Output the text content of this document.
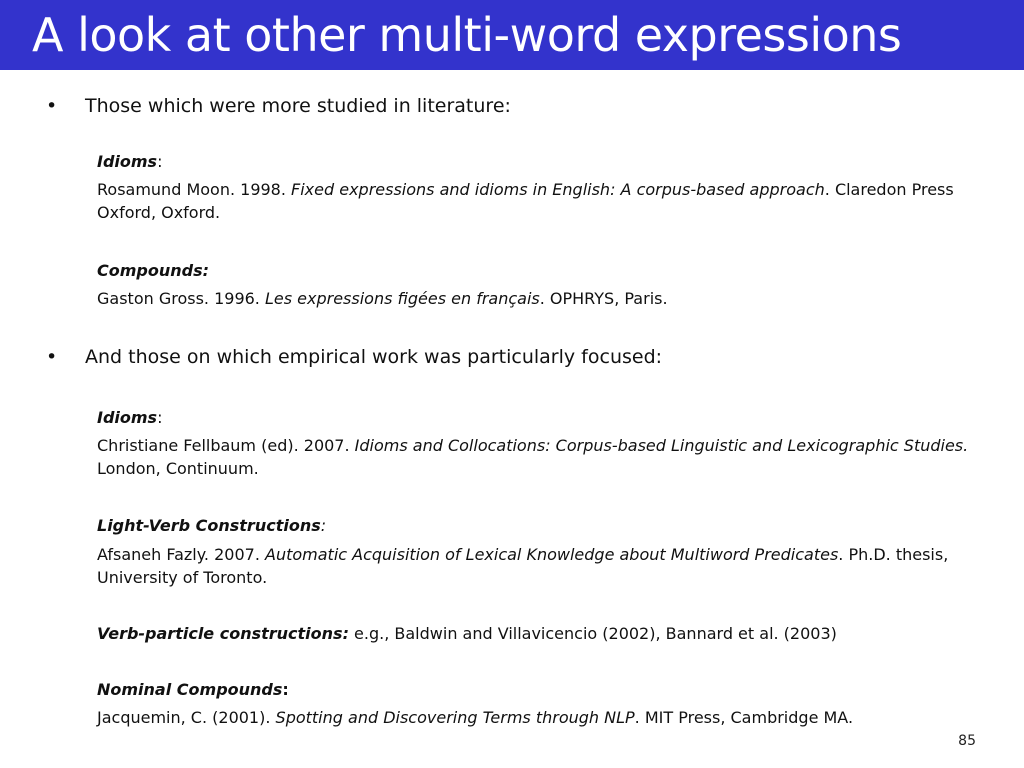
A look at other multi-word expressions
• Those which were more studied in literature:
Idioms:
Rosamund Moon. 1998. Fixed expressions and idioms in English: A corpus-based approach. Claredon Press Oxford, Oxford.
Compounds:
Gaston Gross. 1996. Les expressions figées en français. OPHRYS, Paris.
• And those on which empirical work was particularly focused:
Idioms:
Christiane Fellbaum (ed). 2007. Idioms and Collocations: Corpus-based Linguistic and Lexicographic Studies. London, Continuum.
Light-Verb Constructions:
Afsaneh Fazly. 2007. Automatic Acquisition of Lexical Knowledge about Multiword Predicates. Ph.D. thesis, University of Toronto.
Verb-particle constructions: e.g., Baldwin and Villavicencio (2002), Bannard et al. (2003)
Nominal Compounds:
Jacquemin, C. (2001). Spotting and Discovering Terms through NLP. MIT Press, Cambridge MA.
85
